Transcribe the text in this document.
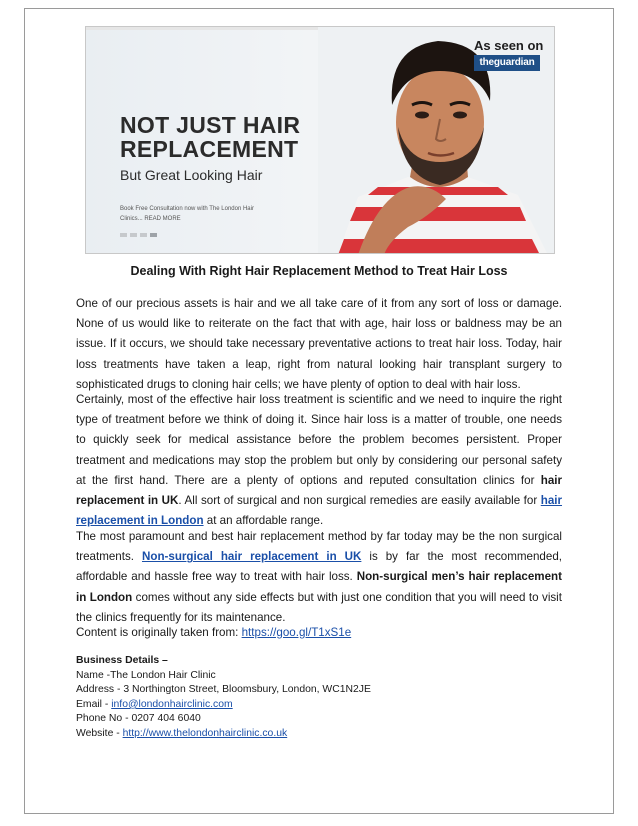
As seen on
theguardian
NOT JUST HAIR
REPLACEMENT
But Great Looking Hair
Book Free Consultation now with The London Hair Clinics... READ MORE
Dealing With Right Hair Replacement Method to Treat Hair Loss
One of our precious assets is hair and we all take care of it from any sort of loss or damage. None of us would like to reiterate on the fact that with age, hair loss or baldness may be an issue. If it occurs, we should take necessary preventative actions to treat hair loss. Today, hair loss treatments have taken a leap, right from natural looking hair transplant surgery to sophisticated drugs to cloning hair cells; we have plenty of option to deal with hair loss.
Certainly, most of the effective hair loss treatment is scientific and we need to inquire the right type of treatment before we think of doing it. Since hair loss is a matter of trouble, one needs to quickly seek for medical assistance before the problem becomes persistent. Proper treatment and medications may stop the problem but only by considering our personal safety at the first hand. There are a plenty of options and reputed consultation clinics for hair replacement in UK. All sort of surgical and non surgical remedies are easily available for hair replacement in London at an affordable range.
The most paramount and best hair replacement method by far today may be the non surgical treatments. Non-surgical hair replacement in UK is by far the most recommended, affordable and hassle free way to treat with hair loss. Non-surgical men’s hair replacement in London comes without any side effects but with just one condition that you will need to visit the clinics frequently for its maintenance.
Content is originally taken from: https://goo.gl/T1xS1e
Business Details –
Name -The London Hair Clinic
Address - 3 Northington Street, Bloomsbury, London, WC1N2JE
Email - info@londonhairclinic.com
Phone No - 0207 404 6040
Website - http://www.thelondonhairclinic.co.uk
